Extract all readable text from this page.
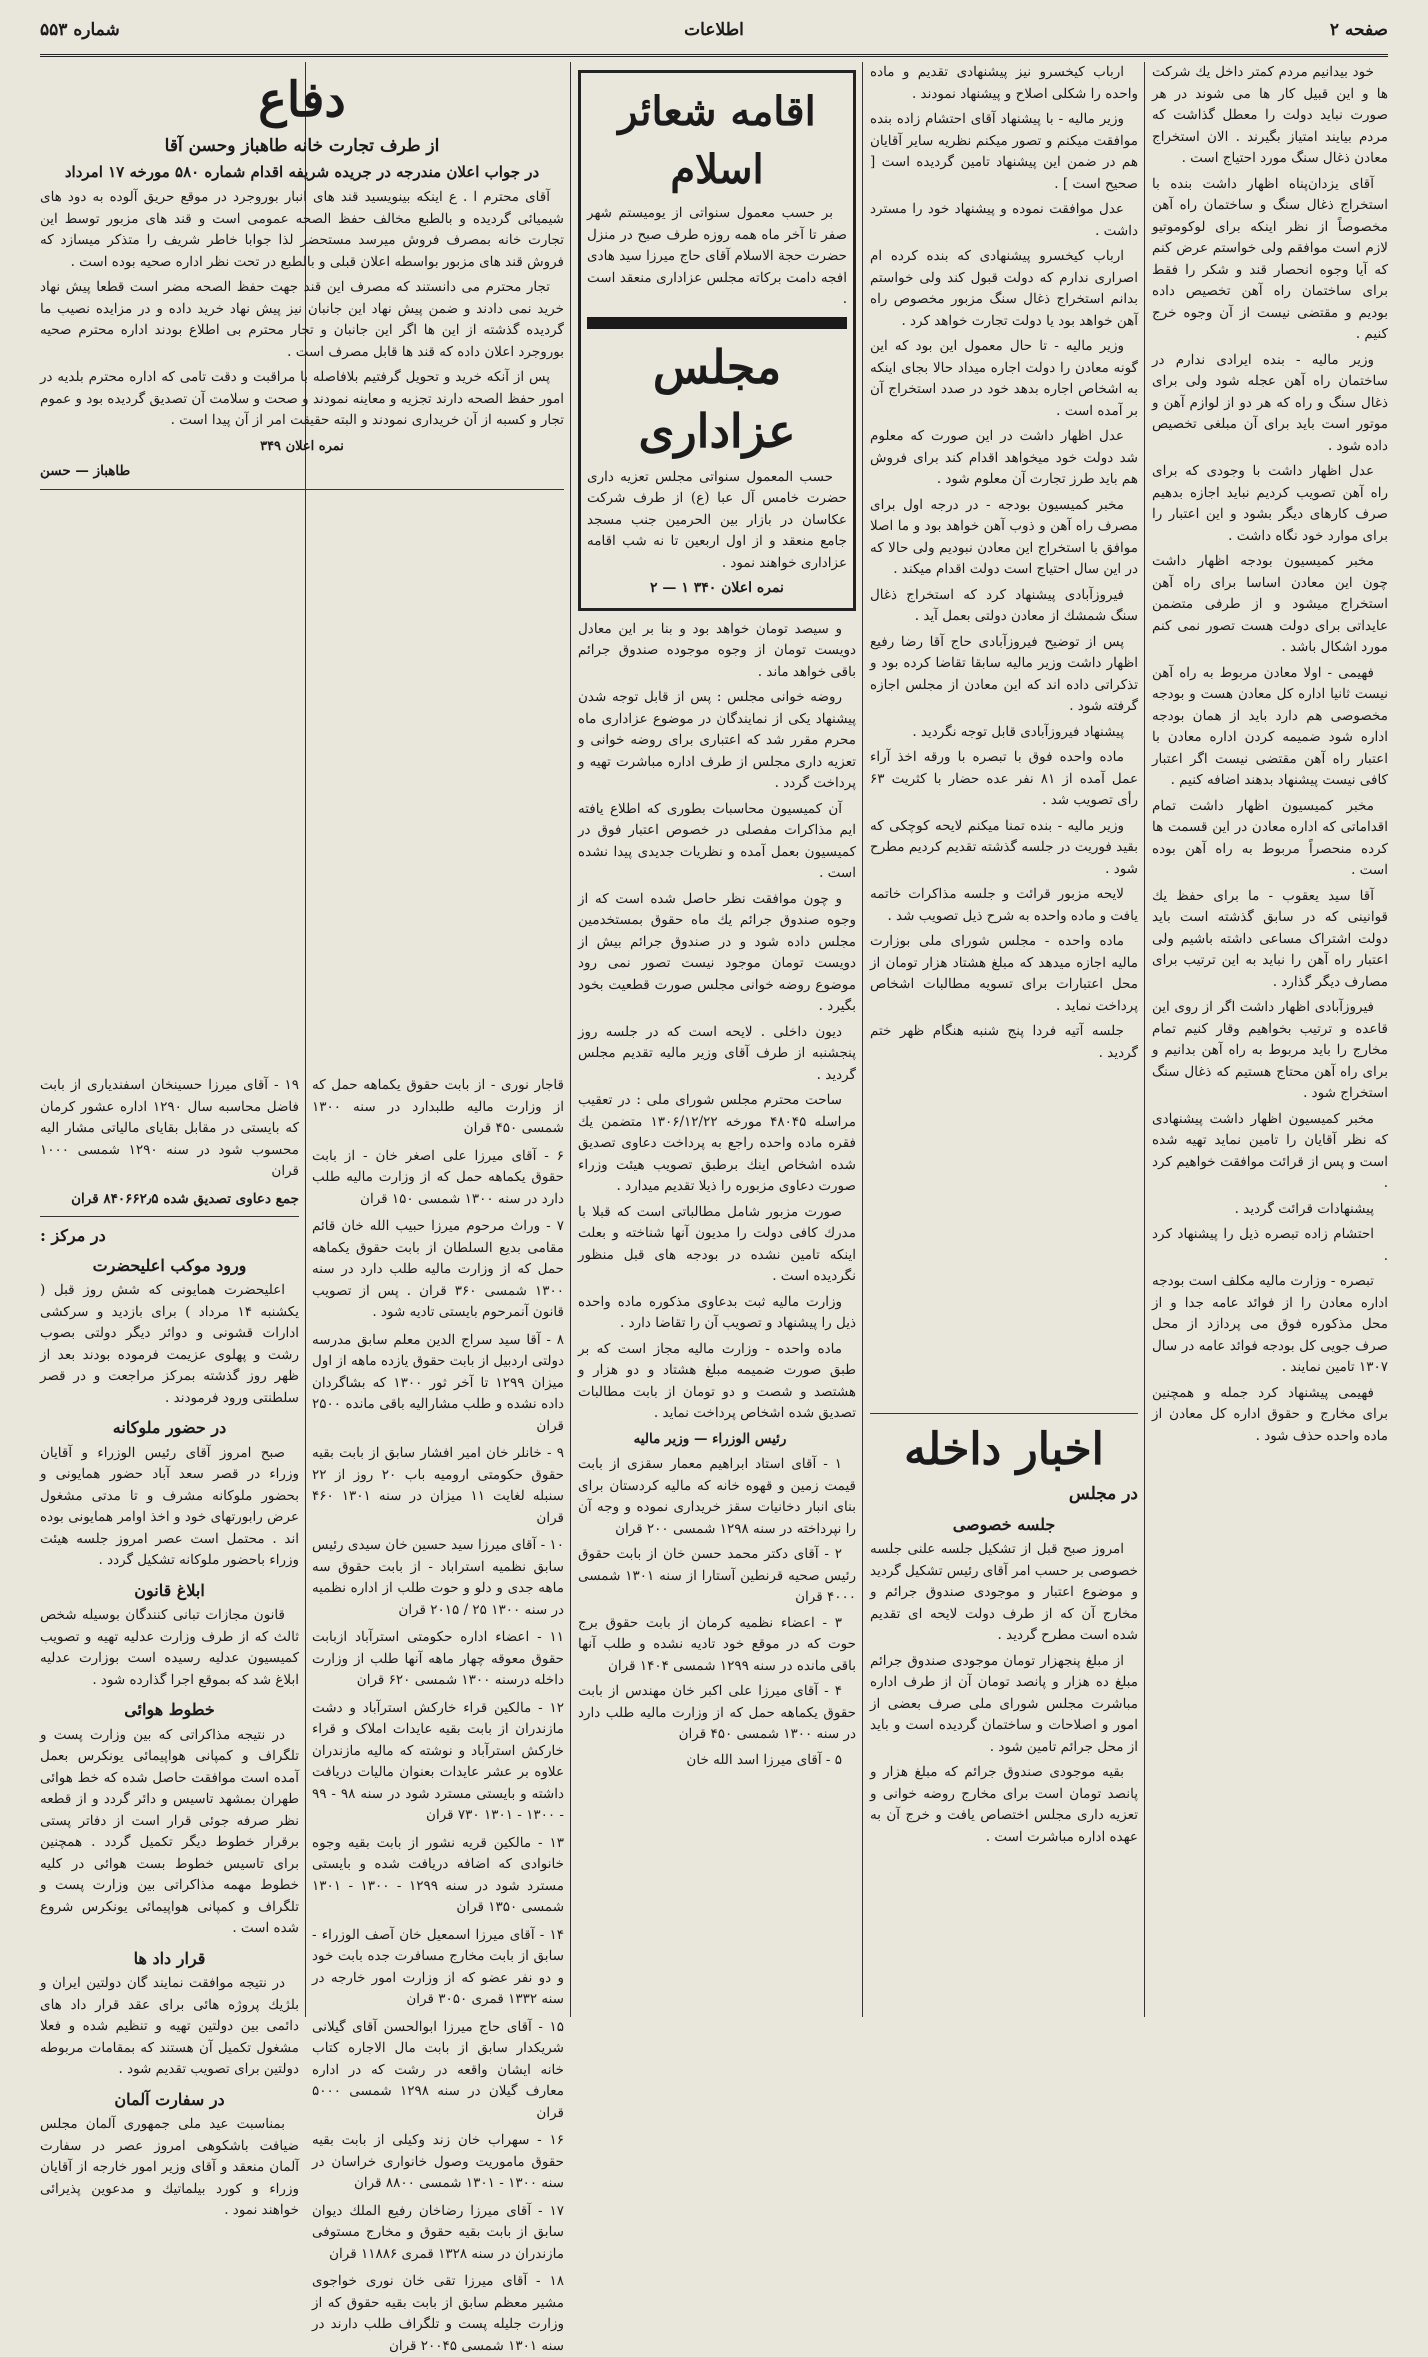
صفحه ۲
اطلاعات
شماره ۵۵۳

خود بیدانیم مردم کمتر داخل یك شرکت ها و این قبیل کار ها می شوند در هر صورت نباید دولت را معطل گذاشت که مردم بیایند امتیاز بگیرند . الان استخراج معادن ذغال سنگ مورد احتیاج است .

آقای یزدان‌پناه اظهار داشت بنده با استخراج ذغال سنگ و ساختمان راه آهن مخصوصاً از نظر اینکه برای لوکوموتیو لازم است موافقم ولی خواستم عرض کنم که آیا وجوه انحصار قند و شکر را فقط برای ساختمان راه آهن تخصیص داده بودیم و مقتضی نیست از آن وجوه خرج کنیم .

وزیر مالیه - بنده ایرادی ندارم در ساختمان راه آهن عجله شود ولی برای ذغال سنگ و راه که هر دو از لوازم آهن و موتور است باید برای آن مبلغی تخصیص داده شود .

عدل اظهار داشت با وجودی که برای راه آهن تصویب کردیم نباید اجازه بدهیم صرف کارهای دیگر بشود و این اعتبار را برای موارد خود نگاه داشت .

مخبر کمیسیون بودجه اظهار داشت چون این معادن اساسا برای راه آهن استخراج میشود و از طرفی متضمن عایداتی برای دولت هست تصور نمی کنم مورد اشکال باشد .

فهیمی - اولا معادن مربوط به راه آهن نیست ثانیا اداره کل معادن هست و بودجه مخصوصی هم دارد باید از همان بودجه اداره شود ضمیمه کردن اداره معادن با اعتبار راه آهن مقتضی نیست اگر اعتبار کافی نیست پیشنهاد بدهند اضافه کنیم .

مخبر کمیسیون اظهار داشت تمام اقداماتی که اداره معادن در این قسمت ها کرده منحصراً مربوط به راه آهن بوده است .

آقا سید یعقوب - ما برای حفظ یك قوانینی که در سابق گذشته است باید دولت اشتراک مساعی داشته باشیم ولی اعتبار راه آهن را نباید به این ترتیب برای مصارف دیگر گذارد .

فیروزآبادی اظهار داشت اگر از روی این قاعده و ترتیب بخواهیم وقار کنیم تمام مخارج را باید مربوط به راه آهن بدانیم و برای راه آهن محتاج هستیم که ذغال سنگ استخراج شود .

مخبر کمیسیون اظهار داشت پیشنهادی که نظر آقایان را تامین نماید تهیه شده است و پس از قرائت موافقت خواهیم کرد .

پیشنهادات قرائت گردید .

احتشام زاده تبصره ذیل را پیشنهاد کرد .

تبصره - وزارت مالیه مکلف است بودجه اداره معادن را از فوائد عامه جدا و از محل مذکوره فوق می پردازد از محل صرف جویی کل بودجه فوائد عامه در سال ۱۳۰۷ تامین نمایند .

فهیمی پیشنهاد کرد جمله و همچنین برای مخارج و حقوق اداره کل معادن از ماده واحده حذف شود .

ارباب کیخسرو نیز پیشنهادی تقدیم و ماده واحده را شکلی اصلاح و پیشنهاد نمودند .

وزیر مالیه - با پیشنهاد آقای احتشام زاده بنده موافقت میکنم و تصور میکنم نظریه سایر آقایان هم در ضمن این پیشنهاد تامین گردیده است [ صحیح است ] .

عدل موافقت نموده و پیشنهاد خود را مسترد داشت .

ارباب کیخسرو پیشنهادی که بنده کرده ام اصراری ندارم که دولت قبول کند ولی خواستم بدانم استخراج ذغال سنگ مزبور مخصوص راه آهن خواهد بود یا دولت تجارت خواهد کرد .

وزیر مالیه - تا حال معمول این بود که این گونه معادن را دولت اجاره میداد حالا بجای اینکه به اشخاص اجاره بدهد خود در صدد استخراج آن بر آمده است .

عدل اظهار داشت در این صورت که معلوم شد دولت خود میخواهد اقدام کند برای فروش هم باید طرز تجارت آن معلوم شود .

مخبر کمیسیون بودجه - در درجه اول برای مصرف راه آهن و ذوب آهن خواهد بود و ما اصلا موافق با استخراج این معادن نبودیم ولی حالا که در این سال احتیاج است دولت اقدام میکند .

فیروزآبادی پیشنهاد کرد که استخراج ذغال سنگ شمشك از معادن دولتی بعمل آید .

پس از توضیح فیروزآبادی حاج آقا رضا رفیع اظهار داشت وزیر مالیه سابقا تقاضا کرده بود و تذکراتی داده اند که این معادن از مجلس اجازه گرفته شود .

پیشنهاد فیروزآبادی قابل توجه نگردید .

ماده واحده فوق با تبصره با ورقه اخذ آراء عمل آمده از ۸۱ نفر عده حضار با کثریت ۶۳ رأی تصویب شد .

وزیر مالیه - بنده تمنا میکنم لایحه کوچکی که بقید فوریت در جلسه گذشته تقدیم کردیم مطرح شود .

لایحه مزبور قرائت و جلسه مذاکرات خاتمه یافت و ماده واحده به شرح ذیل تصویب شد .

ماده واحده - مجلس شورای ملی بوزارت مالیه اجازه میدهد که مبلغ هشتاد هزار تومان از محل اعتبارات برای تسویه مطالبات اشخاص پرداخت نماید .

جلسه آتیه فردا پنج شنبه هنگام ظهر ختم گردید .

اخبار داخله
در مجلس
جلسه خصوصی

امروز صبح قبل از تشکیل جلسه علنی جلسه خصوصی بر حسب امر آقای رئیس تشکیل گردید و موضوع اعتبار و موجودی صندوق جرائم و مخارج آن که از طرف دولت لایحه ای تقدیم شده است مطرح گردید .

از مبلغ پنجهزار تومان موجودی صندوق جرائم مبلغ ده هزار و پانصد تومان آن از طرف اداره مباشرت مجلس شورای ملی صرف بعضی از امور و اصلاحات و ساختمان گردیده است و باید از محل جرائم تامین شود .

بقیه موجودی صندوق جرائم که مبلغ هزار و پانصد تومان است برای مخارج روضه خوانی و تعزیه داری مجلس اختصاص یافت و خرج آن به عهده اداره مباشرت است .

اقامه شعائر اسلام

بر حسب معمول سنواتی از یومیستم شهر صفر تا آخر ماه همه روزه طرف صبح در منزل حضرت حجة الاسلام آقای حاج میرزا سید هادی افجه دامت برکاته مجلس عزاداری منعقد است .

مجلس عزاداری

حسب المعمول سنواتی مجلس تعزیه داری حضرت خامس آل عبا (ع) از طرف شرکت عکاسان در بازار بین الحرمین جنب مسجد جامع منعقد و از اول اربعین تا نه شب اقامه عزاداری خواهند نمود .

نمره اعلان ۳۴۰ ۱ — ۲

و سیصد تومان خواهد بود و بنا بر این معادل دویست تومان از وجوه موجوده صندوق جرائم باقی خواهد ماند .

روضه خوانی مجلس : پس از قابل توجه شدن پیشنهاد یکی از نمایندگان در موضوع عزاداری ماه محرم مقرر شد که اعتباری برای روضه خوانی و تعزیه داری مجلس از طرف اداره مباشرت تهیه و پرداخت گردد .

آن کمیسیون محاسبات بطوری که اطلاع یافته ایم مذاکرات مفصلی در خصوص اعتبار فوق در کمیسیون بعمل آمده و نظریات جدیدی پیدا نشده است .

و چون موافقت نظر حاصل شده است که از وجوه صندوق جرائم یك ماه حقوق بمستخدمین مجلس داده شود و در صندوق جرائم بیش از دویست تومان موجود نیست تصور نمی رود موضوع روضه خوانی مجلس صورت قطعیت بخود بگیرد .

دیون داخلی . لایحه است که در جلسه روز پنجشنبه از طرف آقای وزیر مالیه تقدیم مجلس گردید .

ساحت محترم مجلس شورای ملی : در تعقیب مراسله ۴۸۰۴۵ مورخه ۱۳۰۶/۱۲/۲۲ متضمن یك فقره ماده واحده راجع به پرداخت دعاوی تصدیق شده اشخاص اینك برطبق تصویب هیئت وزراء صورت دعاوی مزبوره را ذیلا تقدیم میدارد .

صورت مزبور شامل مطالباتی است که قبلا با مدرك کافی دولت را مدیون آنها شناخته و بعلت اینکه تامین نشده در بودجه های قبل منظور نگردیده است .

وزارت مالیه ثبت بدعاوی مذکوره ماده واحده ذیل را پیشنهاد و تصویب آن را تقاضا دارد .

ماده واحده - وزارت مالیه مجاز است که بر طبق صورت ضمیمه مبلغ هشتاد و دو هزار و هشتصد و شصت و دو تومان از بابت مطالبات تصدیق شده اشخاص پرداخت نماید .

رئیس الوزراء — وزیر مالیه

۱ - آقای استاد ابراهیم معمار سقزی از بابت قیمت زمین و قهوه خانه که مالیه کردستان برای بنای انبار دخانیات سقز خریداری نموده و وجه آن را نپرداخته در سنه ۱۲۹۸ شمسی ۲۰۰ قران

۲ - آقای دکتر محمد حسن خان از بابت حقوق رئیس صحیه قرنطین آستارا از سنه ۱۳۰۱ شمسی ۴۰۰۰ قران

۳ - اعضاء نظمیه کرمان از بابت حقوق برج حوت که در موقع خود تادیه نشده و طلب آنها باقی مانده در سنه ۱۲۹۹ شمسی ۱۴۰۴ قران

۴ - آقای میرزا علی اکبر خان مهندس از بابت حقوق یکماهه حمل که از وزارت مالیه طلب دارد در سنه ۱۳۰۰ شمسی ۴۵۰ قران

۵ - آقای میرزا اسد الله خان

قاجار نوری - از بابت حقوق یکماهه حمل که از وزارت مالیه طلبدارد در سنه ۱۳۰۰ شمسی ۴۵۰ قران

۶ - آقای میرزا علی اصغر خان - از بابت حقوق یکماهه حمل که از وزارت مالیه طلب دارد در سنه ۱۳۰۰ شمسی ۱۵۰ قران

۷ - وراث مرحوم میرزا حبیب الله خان قائم مقامی بدیع السلطان از بابت حقوق یکماهه حمل که از وزارت مالیه طلب دارد در سنه ۱۳۰۰ شمسی ۳۶۰ قران . پس از تصویب قانون آنمرحوم بایستی تادیه شود .

۸ - آقا سید سراج الدین معلم سابق مدرسه دولتی اردبیل از بابت حقوق یازده ماهه از اول میزان ۱۲۹۹ تا آخر ثور ۱۳۰۰ که بشاگردان داده نشده و طلب مشارالیه باقی مانده ۲۵۰۰ قران

۹ - خانلر خان امیر افشار سابق از بابت بقیه حقوق حکومتی ارومیه باب ۲۰ روز از ۲۲ سنبله لغایت ۱۱ میزان در سنه ۱۳۰۱ ۴۶۰ قران

۱۰ - آقای میرزا سید حسین خان سیدی رئیس سابق نظمیه استراباد - از بابت حقوق سه ماهه جدی و دلو و حوت طلب از اداره نظمیه در سنه ۱۳۰۰ ۲۵ / ۲۰۱۵ قران

۱۱ - اعضاء اداره حکومتی استرآباد ازبابت حقوق معوقه چهار ماهه آنها طلب از وزارت داخله درسنه ۱۳۰۰ شمسی ۶۲۰ قران

۱۲ - مالکین قراء خارکش استرآباد و دشت مازندران از بابت بقیه عایدات املاک و قراء خارکش استرآباد و نوشته که مالیه مازندران علاوه بر عشر عایدات بعنوان مالیات دریافت داشته و بایستی مسترد شود در سنه ۹۸ - ۹۹ - ۱۳۰۰ - ۱۳۰۱ ۷۳۰ قران

۱۳ - مالکین قریه نشور از بابت بقیه وجوه خانوادی که اضافه دریافت شده و بایستی مسترد شود در سنه ۱۲۹۹ - ۱۳۰۰ - ۱۳۰۱ شمسی ۱۳۵۰ قران

۱۴ - آقای میرزا اسمعیل خان آصف الوزراء - سابق از بابت مخارج مسافرت جده بابت خود و دو نفر عضو که از وزارت امور خارجه در سنه ۱۳۳۲ قمری ۳۰۵۰ قران

۱۵ - آقای حاج میرزا ابوالحسن آقای گیلانی شریکدار سابق از بابت مال الاجاره کتاب خانه ایشان واقعه در رشت که در اداره معارف گیلان در سنه ۱۲۹۸ شمسی ۵۰۰۰ قران

۱۶ - سهراب خان زند وکیلی از بابت بقیه حقوق ماموریت وصول خانواری خراسان در سنه ۱۳۰۰ - ۱۳۰۱ شمسی ۸۸۰۰ قران

۱۷ - آقای میرزا رضاخان رفیع الملك دیوان سابق از بابت بقیه حقوق و مخارج مستوفی مازندران در سنه ۱۳۲۸ قمری ۱۱۸۸۶ قران

۱۸ - آقای میرزا تقی خان نوری خواجوی مشیر معظم سابق از بابت بقیه حقوق که از وزارت جلیله پست و تلگراف طلب دارند در سنه ۱۳۰۱ شمسی ۲۰۰۴۵ قران

دفاع
از طرف تجارت خانه طاهباز وحسن آقا
در جواب اعلان مندرجه در جریده شریفه اقدام شماره ۵۸۰ مورخه ۱۷ امرداد

آقای محترم ا . ع اینکه بینویسید قند های انبار بوروجرد در موقع حریق آلوده به دود های شیمیائی گردیده و بالطبع مخالف حفظ الصحه عمومی است و قند های مزبور توسط این تجارت خانه بمصرف فروش میرسد مستحضر لذا جوابا خاطر شریف را متذکر میسازد که فروش قند های مزبور بواسطه اعلان قبلی و بالطبع در تحت نظر اداره صحیه بوده است .

تجار محترم می دانستند که مصرف این قند جهت حفظ الصحه مضر است قطعا پیش نهاد خرید نمی دادند و ضمن پیش نهاد این جانبان نیز پیش نهاد خرید داده و در مزایده نصیب ما گردیده گذشته از این ها اگر این جانبان و تجار محترم بی اطلاع بودند اداره محترم صحیه بوروجرد اعلان داده که قند ها قابل مصرف است .

پس از آنکه خرید و تحویل گرفتیم بلافاصله با مراقبت و دقت تامی که اداره محترم بلدیه در امور حفظ الصحه دارند تجزیه و معاینه نمودند و صحت و سلامت آن تصدیق گردیده بود و عموم تجار و کسبه از آن خریداری نمودند و البته حقیقت امر از آن پیدا است .

نمره اعلان ۳۴۹
طاهباز — حسن

۱۹ - آقای میرزا حسینخان اسفندیاری از بابت فاضل محاسبه سال ۱۲۹۰ اداره عشور کرمان که بایستی در مقابل بقایای مالیاتی مشار الیه محسوب شود در سنه ۱۲۹۰ شمسی ۱۰۰۰ قران

جمع دعاوی تصدیق شده ۸۴۰۶۶۲٫۵ قران

در مرکز :
ورود موکب اعلیحضرت

اعلیحضرت همایونی که شش روز قبل ( یکشنبه ۱۴ مرداد ) برای بازدید و سرکشی ادارات قشونی و دوائر دیگر دولتی بصوب رشت و پهلوی عزیمت فرموده بودند بعد از ظهر روز گذشته بمرکز مراجعت و در قصر سلطنتی ورود فرمودند .

در حضور ملوکانه

صبح امروز آقای رئیس الوزراء و آقایان وزراء در قصر سعد آباد حضور همایونی و بحضور ملوکانه مشرف و تا مدتی مشغول عرض رابورتهای خود و اخذ اوامر همایونی بوده اند . محتمل است عصر امروز جلسه هیئت وزراء باحضور ملوکانه تشکیل گردد .

ابلاغ قانون

قانون مجازات تبانی کنندگان بوسیله شخص ثالث که از طرف وزارت عدلیه تهیه و تصویب کمیسیون عدلیه رسیده است بوزارت عدلیه ابلاغ شد که بموقع اجرا گذارده شود .

خطوط هوائی

در نتیجه مذاکراتی که بین وزارت پست و تلگراف و کمپانی هواپیمائی یونکرس بعمل آمده است موافقت حاصل شده که خط هوائی طهران بمشهد تاسیس و دائر گردد و از قطعه نظر صرفه جوئی قرار است از دفاتر پستی برقرار خطوط دیگر تکمیل گردد . همچنین برای تاسیس خطوط بست هوائی در کلیه خطوط مهمه مذاکراتی بین وزارت پست و تلگراف و کمپانی هواپیمائی یونکرس شروع شده است .

قرار داد ها

در نتیجه موافقت نمایند گان دولتین ایران و بلژیك پروژه هائی برای عقد قرار داد های دائمی بین دولتین تهیه و تنظیم شده و فعلا مشغول تکمیل آن هستند که بمقامات مربوطه دولتین برای تصویب تقدیم شود .

در سفارت آلمان

بمناسبت عید ملی جمهوری آلمان مجلس ضیافت باشکوهی امروز عصر در سفارت آلمان منعقد و آقای وزیر امور خارجه از آقایان وزراء و کورد بیلماتیك و مدعوین پذیرائی خواهند نمود .
